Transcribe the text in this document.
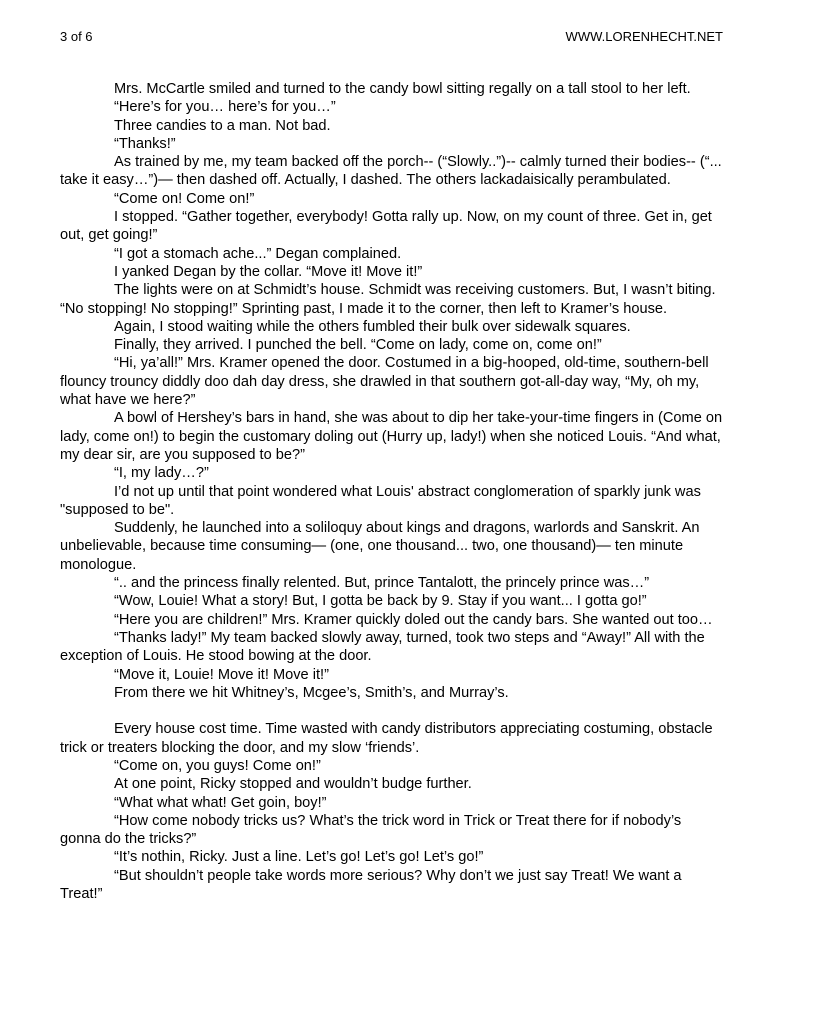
3 of 6	WWW.LORENHECHT.NET

Mrs. McCartle smiled and turned to the candy bowl sitting regally on a tall stool to her left.

“Here’s for you… here’s for you…”

Three candies to a man. Not bad.

“Thanks!”

As trained by me, my team backed off the porch-- (“Slowly..”)-- calmly turned their bodies-- (“... take it easy…”)— then dashed off. Actually, I dashed. The others lackadaisically perambulated.

“Come on! Come on!”

I stopped. “Gather together, everybody! Gotta rally up. Now, on my count of three. Get in, get out, get going!”

“I got a stomach ache...” Degan complained.

I yanked Degan by the collar. “Move it! Move it!”

The lights were on at Schmidt’s house. Schmidt was receiving customers. But, I wasn’t biting. “No stopping! No stopping!” Sprinting past, I made it to the corner, then left to Kramer’s house.

Again, I stood waiting while the others fumbled their bulk over sidewalk squares.

Finally, they arrived. I punched the bell. “Come on lady, come on, come on!”

“Hi, ya’all!” Mrs. Kramer opened the door. Costumed in a big-hooped, old-time, southern-bell flouncy trouncy diddly doo dah day dress, she drawled in that southern got-all-day way, “My, oh my, what have we here?”

A bowl of Hershey’s bars in hand, she was about to dip her take-your-time fingers in (Come on lady, come on!) to begin the customary doling out (Hurry up, lady!) when she noticed Louis. “And what, my dear sir, are you supposed to be?”

“I, my lady…?”

I’d not up until that point wondered what Louis' abstract conglomeration of sparkly junk was "supposed to be".

Suddenly, he launched into a soliloquy about kings and dragons, warlords and Sanskrit. An unbelievable, because time consuming— (one, one thousand... two, one thousand)— ten minute monologue.

“.. and the princess finally relented. But, prince Tantalott, the princely prince was…”

“Wow, Louie! What a story! But, I gotta be back by 9. Stay if you want... I gotta go!”

“Here you are children!” Mrs. Kramer quickly doled out the candy bars. She wanted out too…

“Thanks lady!” My team backed slowly away, turned, took two steps and “Away!” All with the exception of Louis. He stood bowing at the door.

“Move it, Louie! Move it! Move it!”

From there we hit Whitney’s, Mcgee’s, Smith’s, and Murray’s.

Every house cost time. Time wasted with candy distributors appreciating costuming, obstacle trick or treaters blocking the door, and my slow ‘friends’.

“Come on, you guys! Come on!”

At one point, Ricky stopped and wouldn’t budge further.

“What what what! Get goin, boy!”

“How come nobody tricks us? What’s the trick word in Trick or Treat there for if nobody’s gonna do the tricks?”

“It’s nothin, Ricky. Just a line. Let’s go! Let’s go! Let’s go!”

“But shouldn’t people take words more serious? Why don’t we just say Treat! We want a Treat!”
